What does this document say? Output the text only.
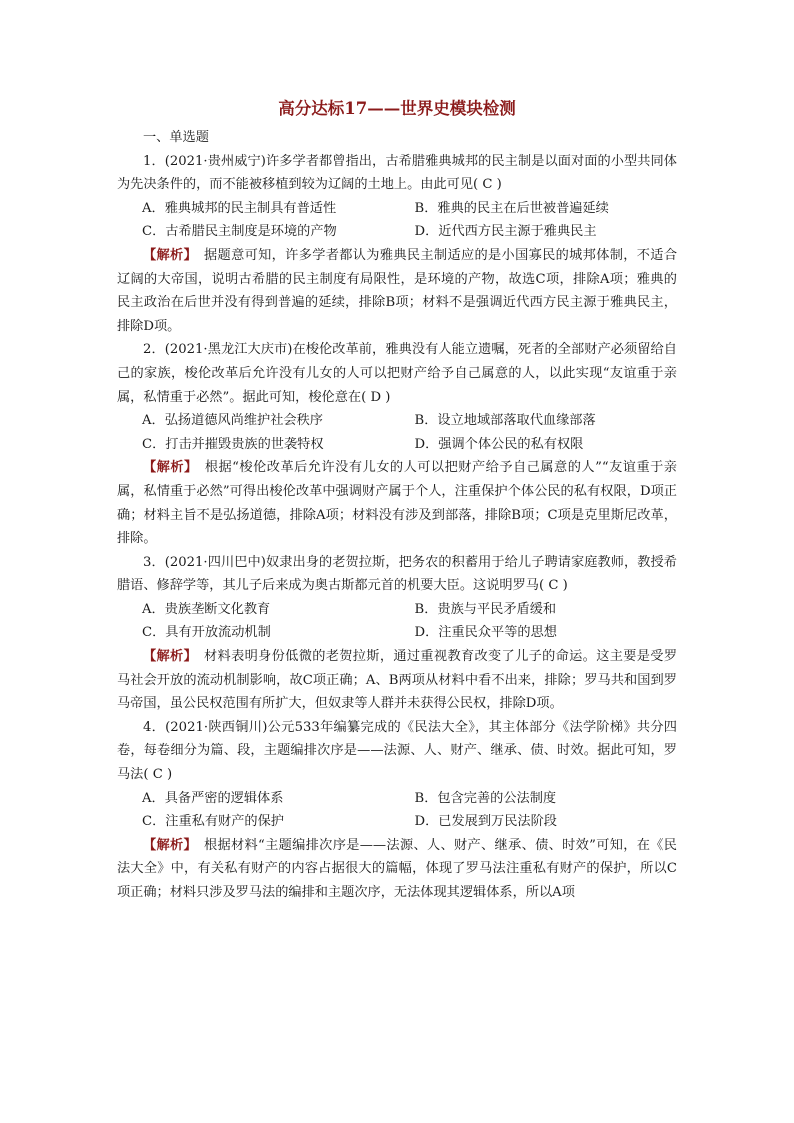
高分达标17——世界史模块检测

一、单选题

1．(2021·贵州威宁)许多学者都曾指出，古希腊雅典城邦的民主制是以面对面的小型共同体为先决条件的，而不能被移植到较为辽阔的土地上。由此可见( C )

A．雅典城邦的民主制具有普适性	B．雅典的民主在后世被普遍延续

C．古希腊民主制度是环境的产物	D．近代西方民主源于雅典民主

【解析】　 据题意可知，许多学者都认为雅典民主制适应的是小国寡民的城邦体制，不适合辽阔的大帝国，说明古希腊的民主制度有局限性，是环境的产物，故选C项，排除A项；雅典的民主政治在后世并没有得到普遍的延续，排除B项；材料不是强调近代西方民主源于雅典民主，排除D项。

2．(2021·黑龙江大庆市)在梭伦改革前，雅典没有人能立遗嘱，死者的全部财产必须留给自己的家族，梭伦改革后允许没有儿女的人可以把财产给予自己属意的人，以此实现“友谊重于亲属，私情重于必然”。据此可知，梭伦意在( D )

A．弘扬道德风尚维护社会秩序	B．设立地域部落取代血缘部落

C．打击并摧毁贵族的世袭特权	D．强调个体公民的私有权限

【解析】　 根据“梭伦改革后允许没有儿女的人可以把财产给予自己属意的人”“友谊重于亲属，私情重于必然”可得出梭伦改革中强调财产属于个人，注重保护个体公民的私有权限，D项正确；材料主旨不是弘扬道德，排除A项；材料没有涉及到部落，排除B项；C项是克里斯尼改革，排除。

3．(2021·四川巴中)奴隶出身的老贺拉斯，把务农的积蓄用于给儿子聘请家庭教师，教授希腊语、修辞学等，其儿子后来成为奥古斯都元首的机要大臣。这说明罗马( C )

A．贵族垄断文化教育	B．贵族与平民矛盾缓和

C．具有开放流动机制	D．注重民众平等的思想

【解析】　 材料表明身份低微的老贺拉斯，通过重视教育改变了儿子的命运。这主要是受罗马社会开放的流动机制影响，故C项正确；A、B两项从材料中看不出来，排除；罗马共和国到罗马帝国，虽公民权范围有所扩大，但奴隶等人群并未获得公民权，排除D项。

4．(2021·陕西铜川)公元533年编纂完成的《民法大全》，其主体部分《法学阶梯》共分四卷，每卷细分为篇、段，主题编排次序是——法源、人、财产、继承、债、时效。据此可知，罗马法( C )

A．具备严密的逻辑体系	B．包含完善的公法制度

C．注重私有财产的保护	D．已发展到万民法阶段

【解析】　 根据材料“主题编排次序是——法源、人、财产、继承、债、时效”可知，在《民法大全》中，有关私有财产的内容占据很大的篇幅，体现了罗马法注重私有财产的保护，所以C项正确；材料只涉及罗马法的编排和主题次序，无法体现其逻辑体系，所以A项
